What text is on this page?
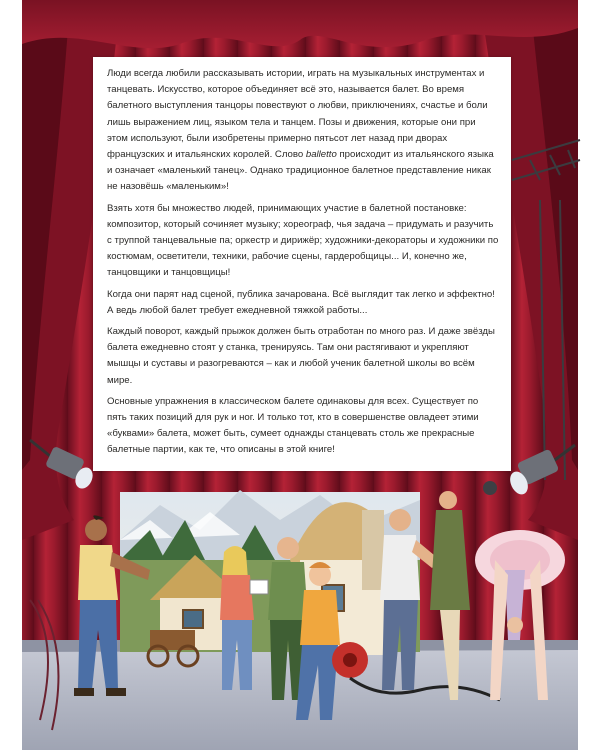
Люди всегда любили рассказывать истории, играть на музыкальных инструментах и танцевать. Искусство, которое объединяет всё это, называется балет. Во время балетного выступления танцоры повествуют о любви, приключениях, счастье и боли лишь выражением лиц, языком тела и танцем. Позы и движения, которые они при этом используют, были изобретены примерно пятьсот лет назад при дворах французских и итальянских королей. Слово balletto происходит из итальянского языка и означает «маленький танец». Однако традиционное балетное представление никак не назовёшь «маленьким»!

Взять хотя бы множество людей, принимающих участие в балетной постановке: композитор, который сочиняет музыку; хореограф, чья задача – придумать и разучить с труппой танцевальные па; оркестр и дирижёр; художники-декораторы и художники по костюмам, осветители, техники, рабочие сцены, гардеробщицы... И, конечно же, танцовщики и танцовщицы!

Когда они парят над сценой, публика зачарована. Всё выглядит так легко и эффектно! А ведь любой балет требует ежедневной тяжкой работы...

Каждый поворот, каждый прыжок должен быть отработан по много раз. И даже звёзды балета ежедневно стоят у станка, тренируясь. Там они растягивают и укрепляют мышцы и суставы и разогреваются – как и любой ученик балетной школы во всём мире.

Основные упражнения в классическом балете одинаковы для всех. Существует по пять таких позиций для рук и ног. И только тот, кто в совершенстве овладеет этими «буквами» балета, может быть, сумеет однажды станцевать столь же прекрасные балетные партии, как те, что описаны в этой книге!
